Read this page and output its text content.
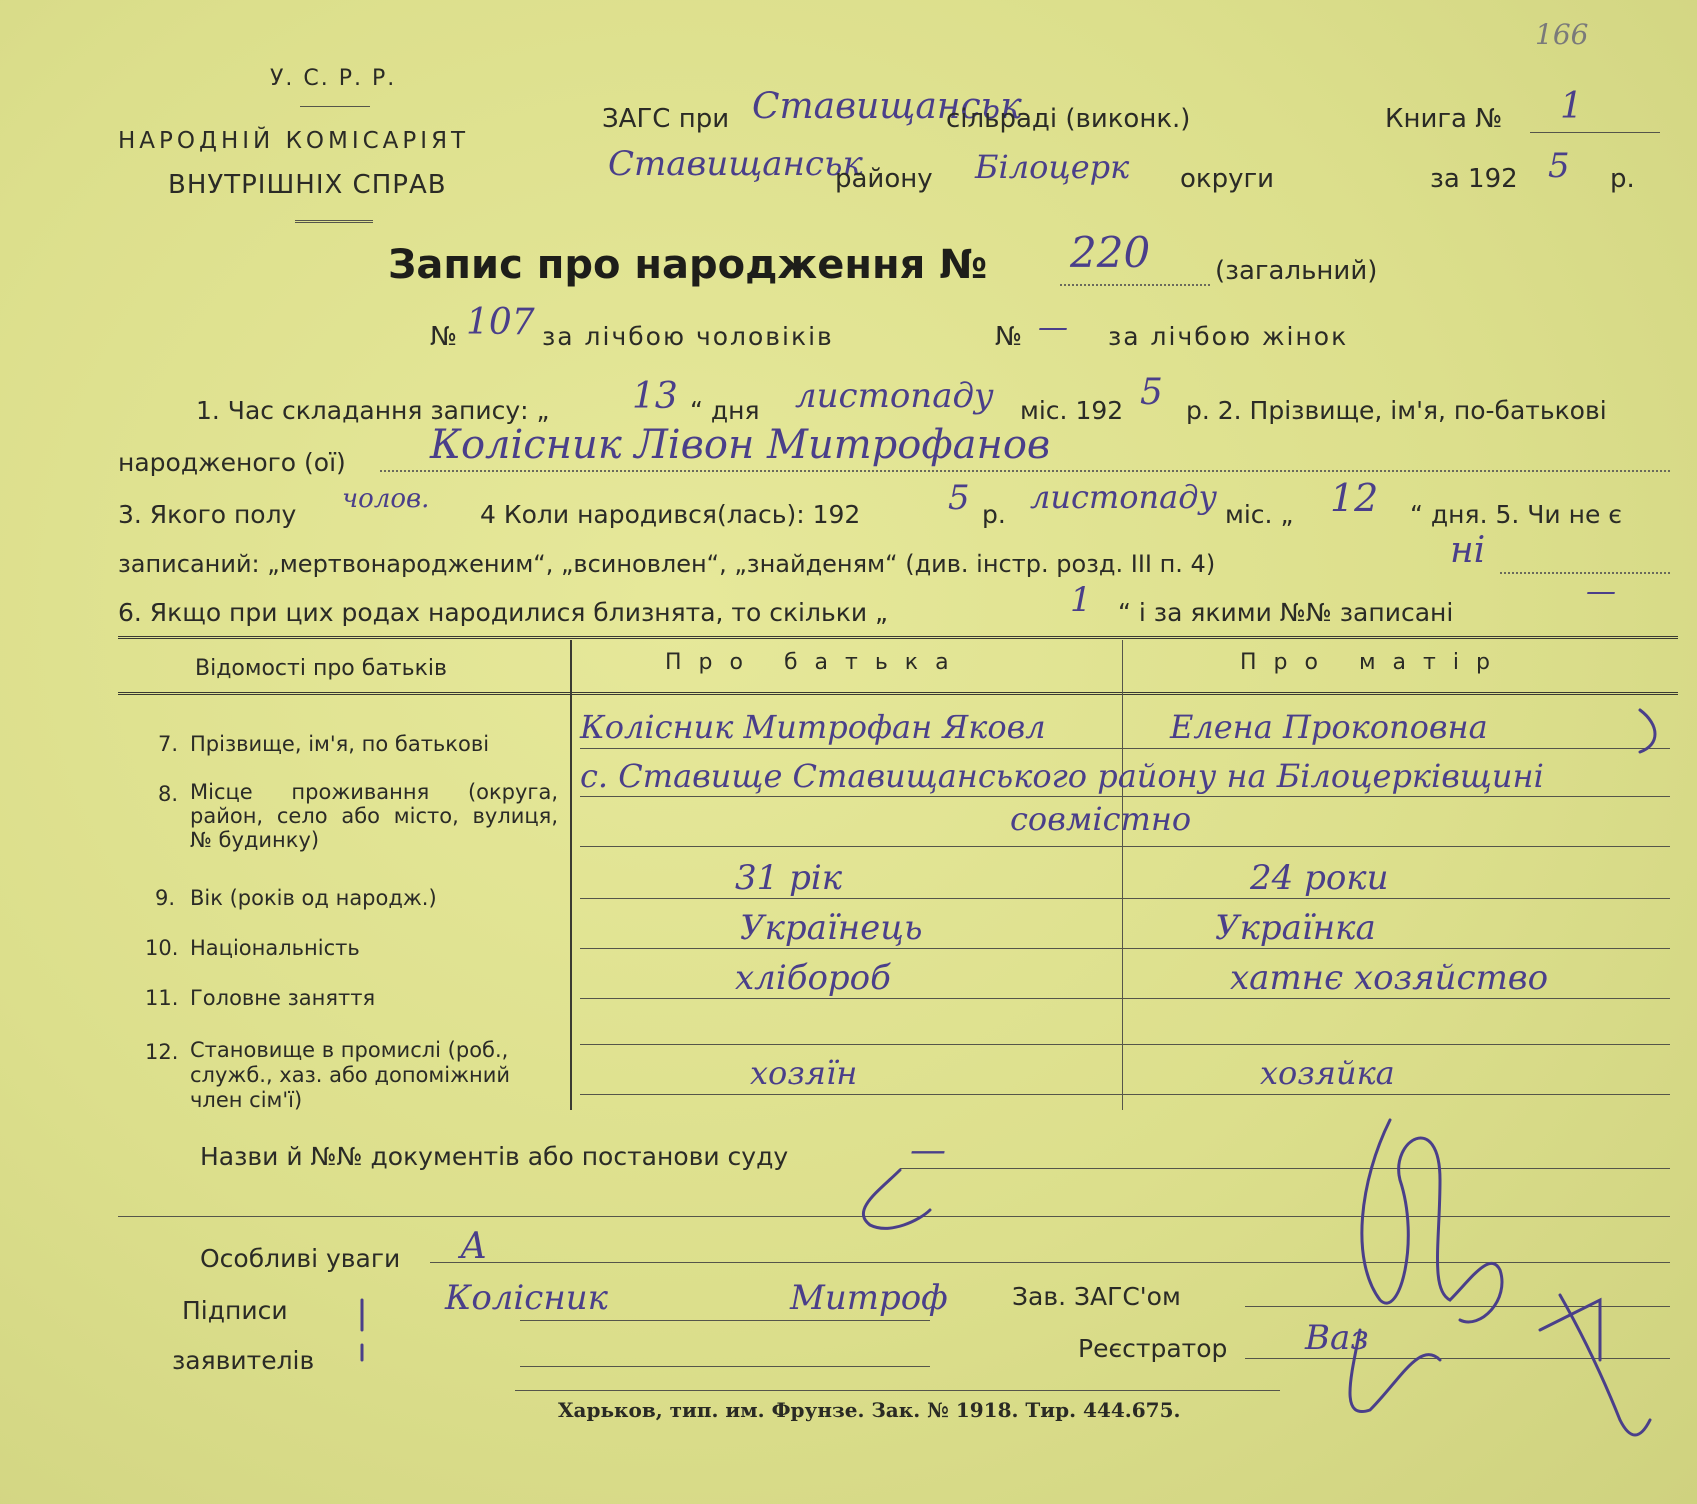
166
У. С. Р. Р.
НАРОДНІЙ КОМІСАРІЯТ
ВНУТРІШНІХ СПРАВ
ЗАГС при Ставищанськ
сільраді (виконк.)	Книга № 1
Ставищанськ
району Білоцерк округи	за 192 5 р.
Запис про народження № 220 (загальний)
№ 107 за лічбою чоловіків	№ — за лічбою жінок
1. Час складання запису: „ 13 “ дня листопаду міс. 192 5 р. 2. Прізвище, ім'я, по-батькові
народженого (ої) Колісник Лівон Митрофанов
3. Якого полу
чолов.
4 Коли народився(лась): 192	5 р. листопаду міс. „ 12 “ дня. 5. Чи не є
записаний: „мертвонародженим“, „всиновлен“, „знайденям“ (див. інстр. розд. III п. 4)	ні
6. Якщо при цих родах народилися близнята, то скільки „	1 “ і за якими №№ записані
—
Відомості про батьків	Про батька	Про матір
7. Прізвище, ім'я, по батькові	Колісник Митрофан Яковл	Елена Прокоповна
8. Місце проживання (округа, район, село або місто, вулиця, № будинку)
с. Ставище Ставищанського району на Білоцерківщині
совмістно
9. Вік (років од народж.)	31 рік	24 роки
10. Національність	Українець	Українка
11. Головне заняття	хлібороб	хатнє хозяйство
12. Становище в промислі (роб., служб., хаз. або допоміжний член сім'ї)
хозяїн	хозяйка
Назви й №№ документів або постанови суду	—
Особливі уваги А
Підписи
заявителів
Колісник	Митроф	Зав. ЗАГС'ом
Реєстратор Ваз
Харьков, тип. им. Фрунзе. Зак. № 1918. Тир. 444.675.
